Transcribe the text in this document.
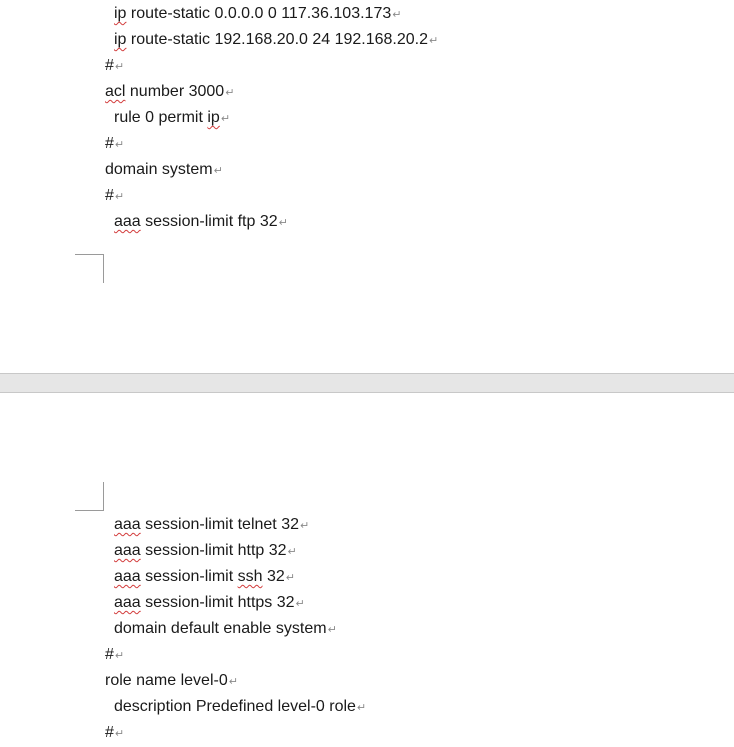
ip route-static 0.0.0.0 0 117.36.103.173↵
ip route-static 192.168.20.0 24 192.168.20.2↵
#↵
acl number 3000↵
rule 0 permit ip↵
#↵
domain system↵
#↵
aaa session-limit ftp 32↵
aaa session-limit telnet 32↵
aaa session-limit http 32↵
aaa session-limit ssh 32↵
aaa session-limit https 32↵
domain default enable system↵
#↵
role name level-0↵
description Predefined level-0 role↵
#↵
